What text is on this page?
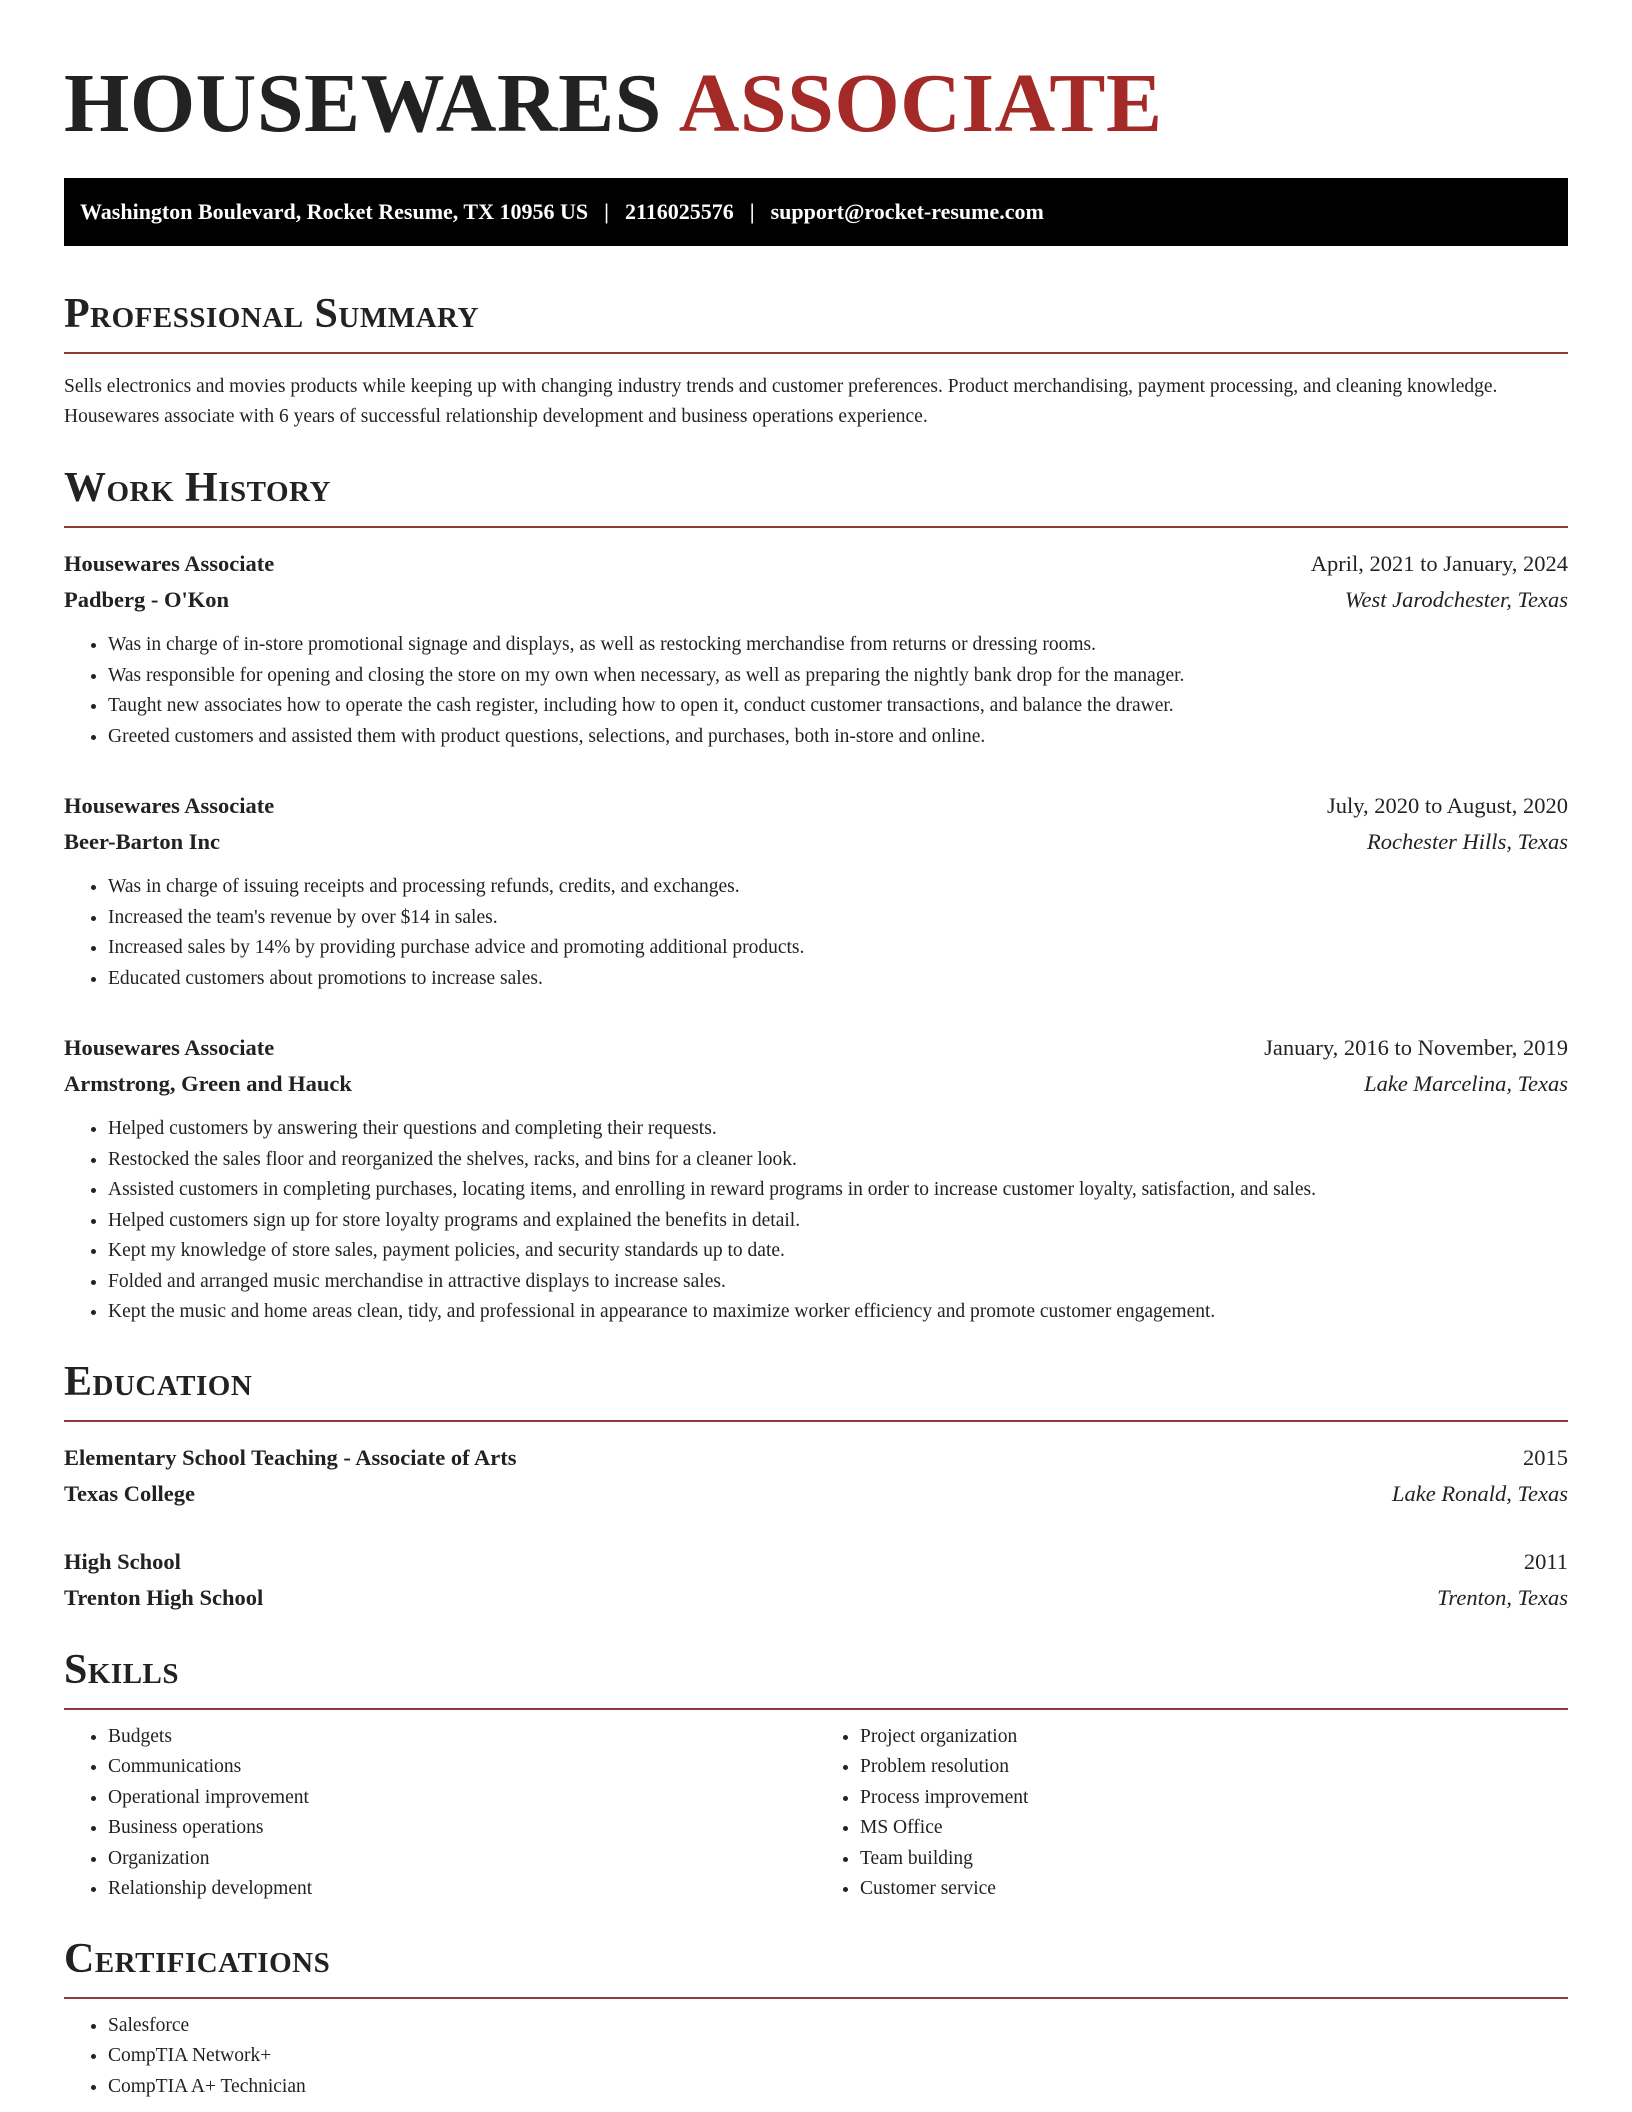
HOUSEWARES ASSOCIATE
Washington Boulevard, Rocket Resume, TX 10956 US | 2116025576 | support@rocket-resume.com
Professional Summary

Sells electronics and movies products while keeping up with changing industry trends and customer preferences. Product merchandising, payment processing, and cleaning knowledge. Housewares associate with 6 years of successful relationship development and business operations experience.

Work History
Housewares Associate	April, 2021 to January, 2024
Padberg - O'Kon	West Jarodchester, Texas
• Was in charge of in-store promotional signage and displays, as well as restocking merchandise from returns or dressing rooms.
• Was responsible for opening and closing the store on my own when necessary, as well as preparing the nightly bank drop for the manager.
• Taught new associates how to operate the cash register, including how to open it, conduct customer transactions, and balance the drawer.
• Greeted customers and assisted them with product questions, selections, and purchases, both in-store and online.
Housewares Associate	July, 2020 to August, 2020
Beer-Barton Inc	Rochester Hills, Texas
• Was in charge of issuing receipts and processing refunds, credits, and exchanges.
• Increased the team's revenue by over $14 in sales.
• Increased sales by 14% by providing purchase advice and promoting additional products.
• Educated customers about promotions to increase sales.
Housewares Associate	January, 2016 to November, 2019
Armstrong, Green and Hauck	Lake Marcelina, Texas
• Helped customers by answering their questions and completing their requests.
• Restocked the sales floor and reorganized the shelves, racks, and bins for a cleaner look.
• Assisted customers in completing purchases, locating items, and enrolling in reward programs in order to increase customer loyalty, satisfaction, and sales.
• Helped customers sign up for store loyalty programs and explained the benefits in detail.
• Kept my knowledge of store sales, payment policies, and security standards up to date.
• Folded and arranged music merchandise in attractive displays to increase sales.
• Kept the music and home areas clean, tidy, and professional in appearance to maximize worker efficiency and promote customer engagement.
Education
Elementary School Teaching - Associate of Arts	2015
Texas College	Lake Ronald, Texas
High School	2011
Trenton High School	Trenton, Texas
Skills
• Budgets
• Communications
• Operational improvement
• Business operations
• Organization
• Relationship development
• Project organization
• Problem resolution
• Process improvement
• MS Office
• Team building
• Customer service
Certifications
• Salesforce
• CompTIA Network+
• CompTIA A+ Technician
